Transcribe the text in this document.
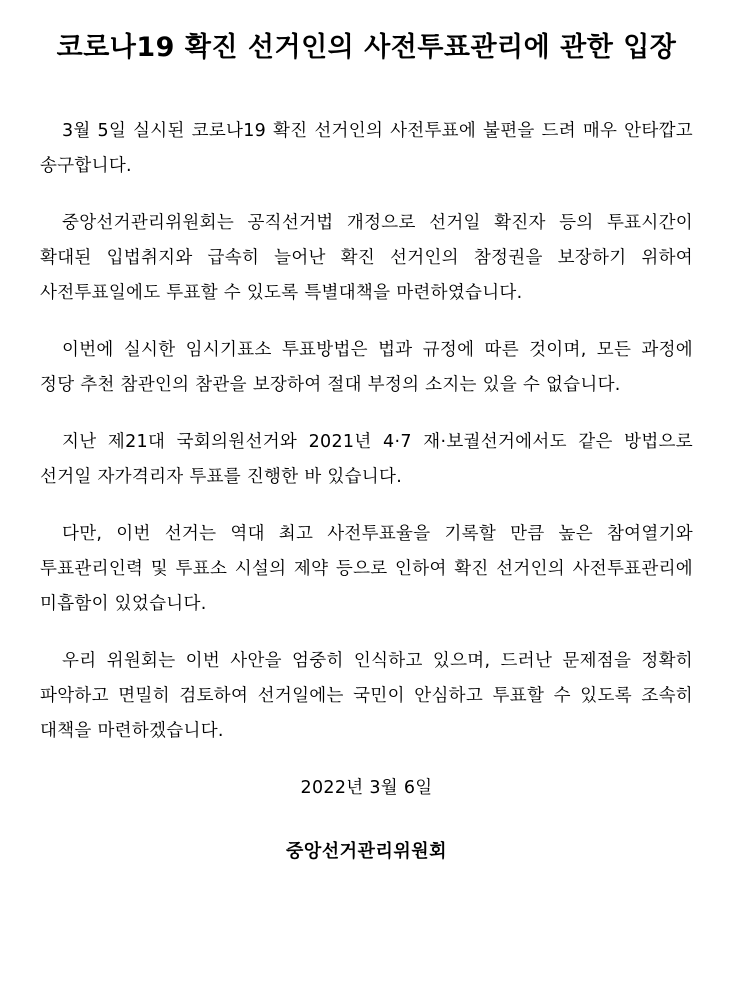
코로나19 확진 선거인의 사전투표관리에 관한 입장

3월 5일 실시된 코로나19 확진 선거인의 사전투표에 불편을 드려 매우 안타깝고 송구합니다.

중앙선거관리위원회는 공직선거법 개정으로 선거일 확진자 등의 투표시간이 확대된 입법취지와 급속히 늘어난 확진 선거인의 참정권을 보장하기 위하여 사전투표일에도 투표할 수 있도록 특별대책을 마련하였습니다.

이번에 실시한 임시기표소 투표방법은 법과 규정에 따른 것이며, 모든 과정에 정당 추천 참관인의 참관을 보장하여 절대 부정의 소지는 있을 수 없습니다.

지난 제21대 국회의원선거와 2021년 4·7 재·보궐선거에서도 같은 방법으로 선거일 자가격리자 투표를 진행한 바 있습니다.

다만, 이번 선거는 역대 최고 사전투표율을 기록할 만큼 높은 참여열기와 투표관리인력 및 투표소 시설의 제약 등으로 인하여 확진 선거인의 사전투표관리에 미흡함이 있었습니다.

우리 위원회는 이번 사안을 엄중히 인식하고 있으며, 드러난 문제점을 정확히 파악하고 면밀히 검토하여 선거일에는 국민이 안심하고 투표할 수 있도록 조속히 대책을 마련하겠습니다.

2022년 3월 6일

중앙선거관리위원회
